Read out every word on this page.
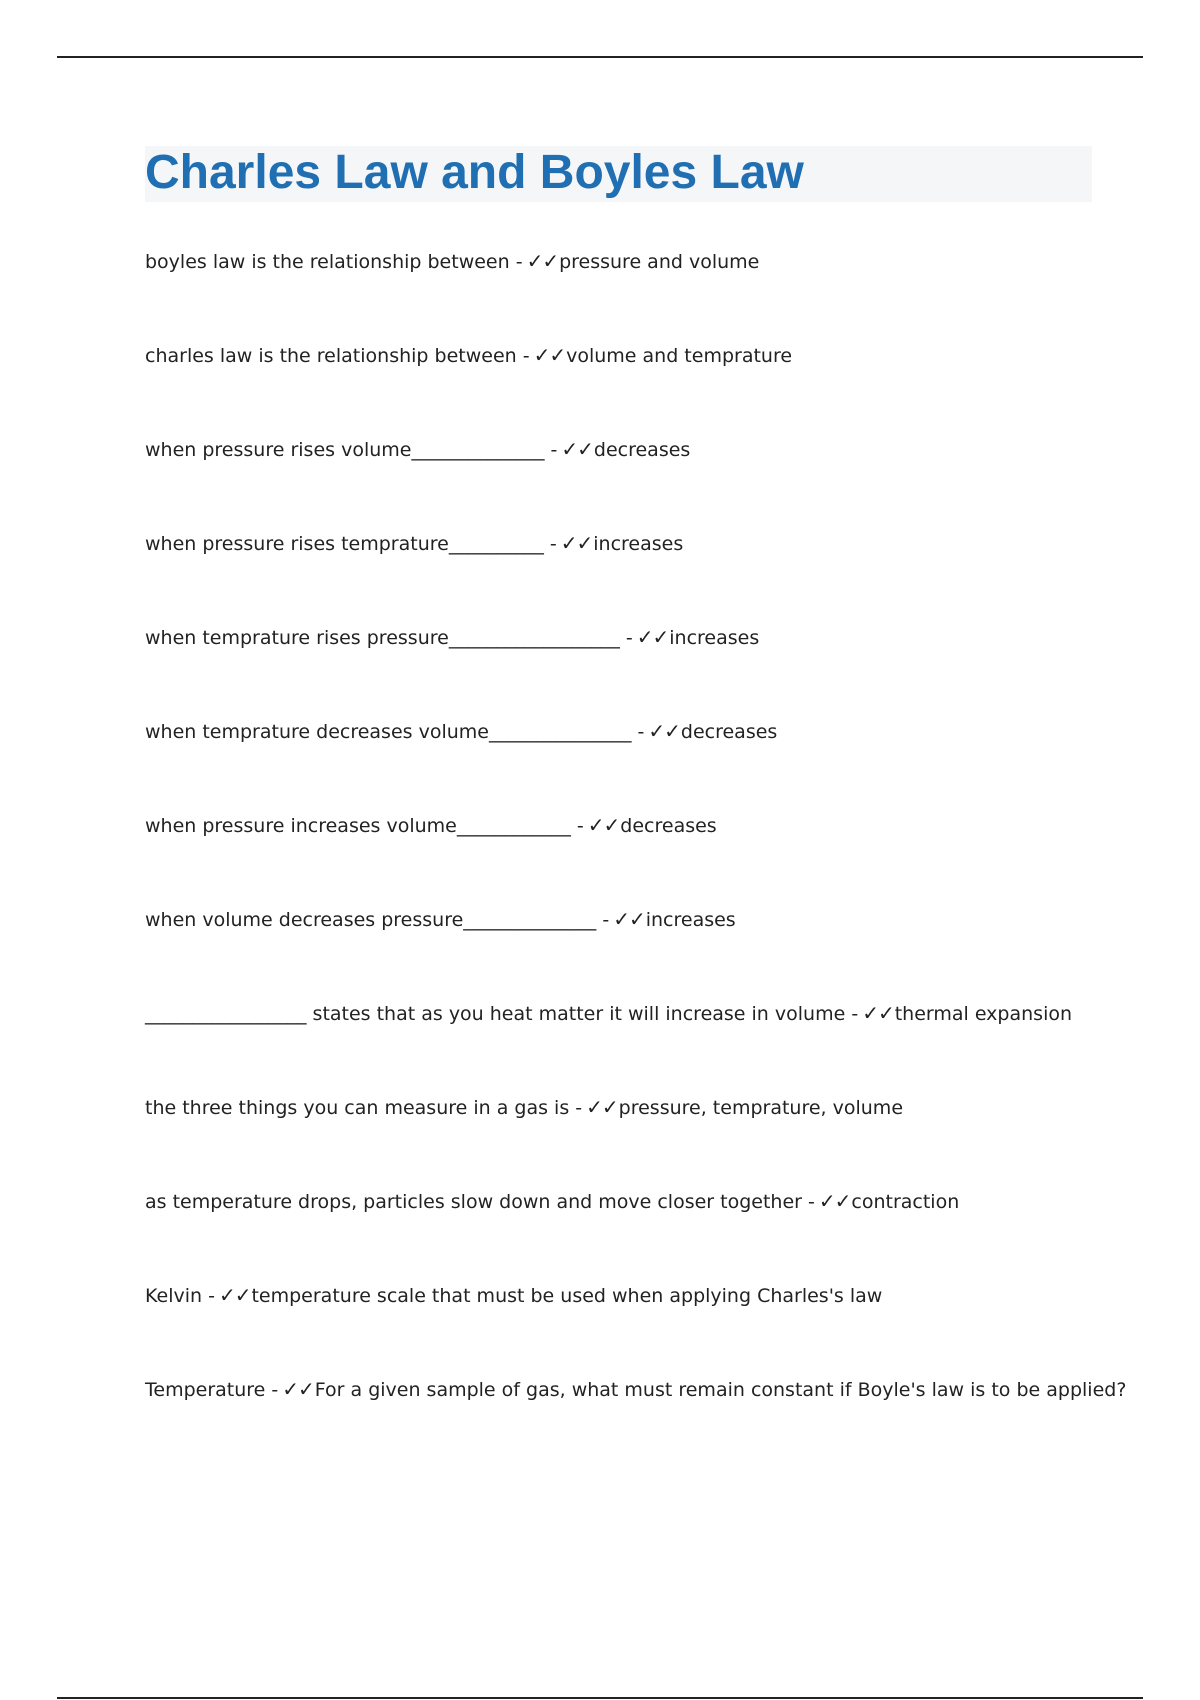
Charles Law and Boyles Law
boyles law is the relationship between - ✓✓pressure and volume
charles law is the relationship between - ✓✓volume and temprature
when pressure rises volume______________ - ✓✓decreases
when pressure rises temprature__________ - ✓✓increases
when temprature rises pressure__________________ - ✓✓increases
when temprature decreases volume_______________ - ✓✓decreases
when pressure increases volume____________ - ✓✓decreases
when volume decreases pressure______________ - ✓✓increases
_________________ states that as you heat matter it will increase in volume - ✓✓thermal expansion
the three things you can measure in a gas is - ✓✓pressure, temprature, volume
as temperature drops, particles slow down and move closer together - ✓✓contraction
Kelvin - ✓✓temperature scale that must be used when applying Charles's law
Temperature - ✓✓For a given sample of gas, what must remain constant if Boyle's law is to be applied?
